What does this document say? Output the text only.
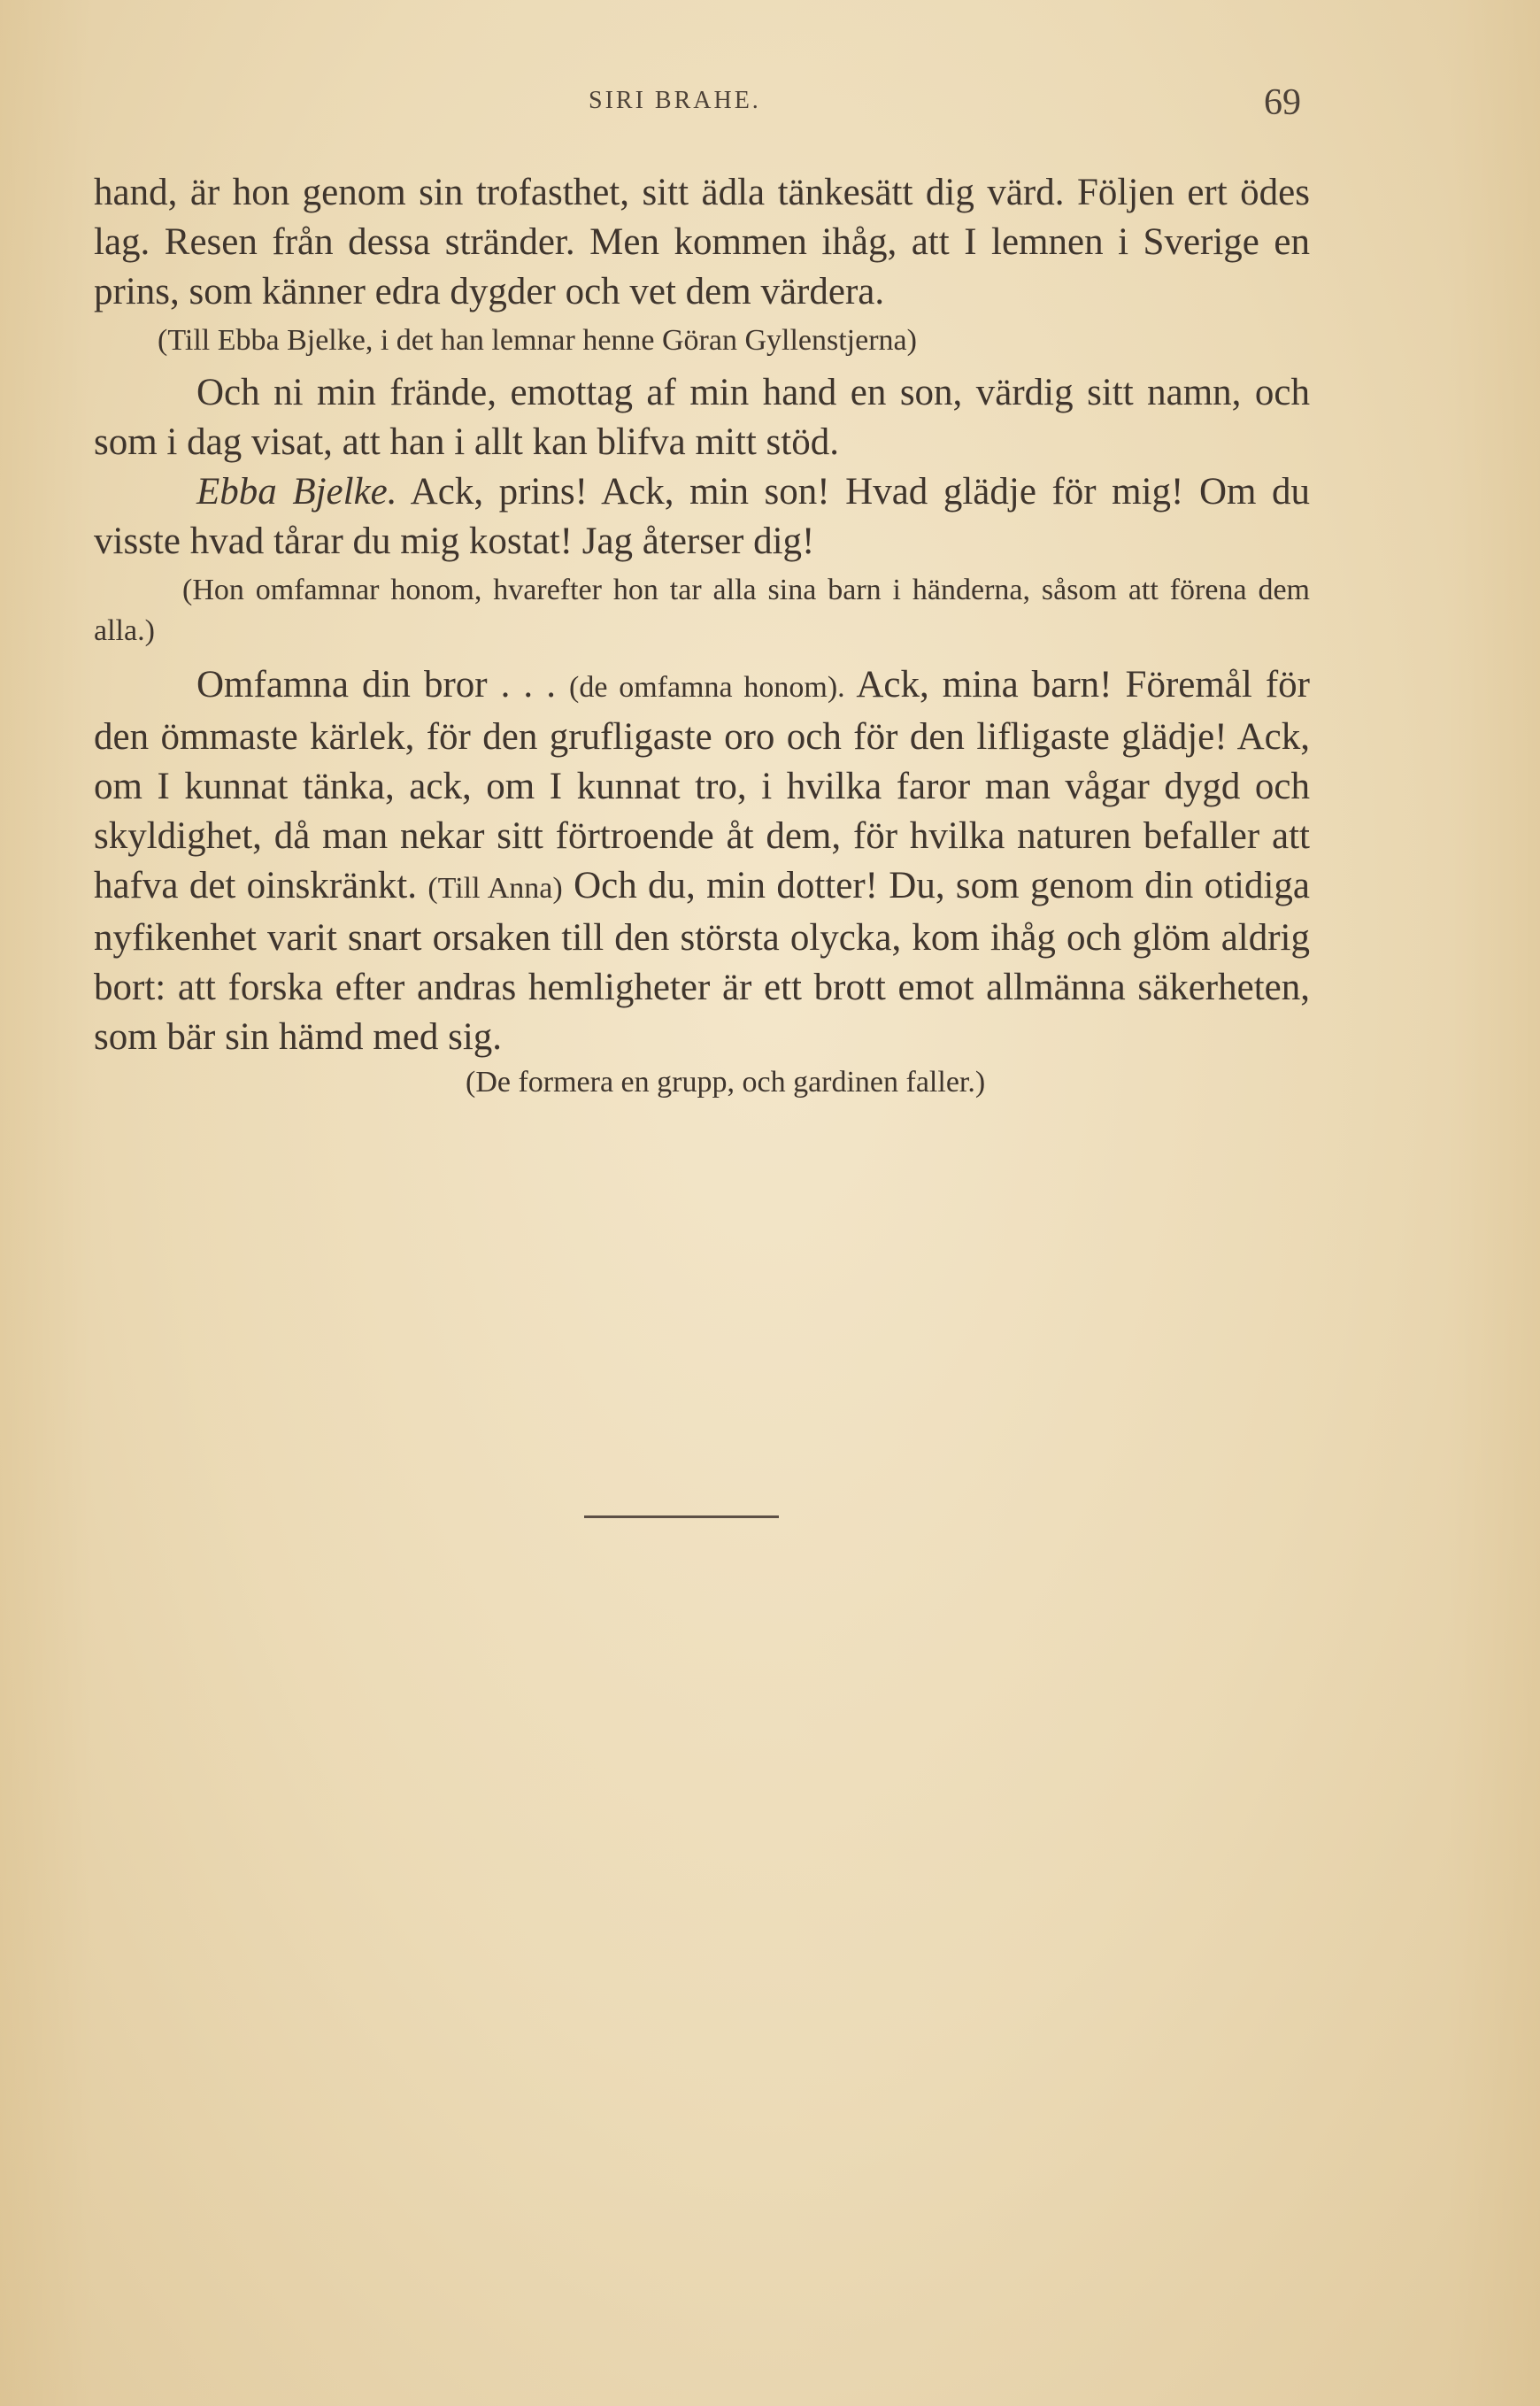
SIRI BRAHE.	69

hand, är hon genom sin trofasthet, sitt ädla tänkesätt dig värd. Följen ert ödes lag. Resen från dessa stränder. Men kommen ihåg, att I lemnen i Sverige en prins, som känner edra dygder och vet dem värdera.

(Till Ebba Bjelke, i det han lemnar henne Göran Gyllenstjerna)

Och ni min frände, emottag af min hand en son, värdig sitt namn, och som i dag visat, att han i allt kan blifva mitt stöd.

Ebba Bjelke. Ack, prins! Ack, min son! Hvad glädje för mig! Om du visste hvad tårar du mig kostat! Jag återser dig!

(Hon omfamnar honom, hvarefter hon tar alla sina barn i händerna, såsom att förena dem alla.)

Omfamna din bror . . . (de omfamna honom). Ack, mina barn! Föremål för den ömmaste kärlek, för den grufligaste oro och för den lifligaste glädje! Ack, om I kunnat tänka, ack, om I kunnat tro, i hvilka faror man vågar dygd och skyldighet, då man nekar sitt förtroende åt dem, för hvilka naturen befaller att hafva det oinskränkt. (Till Anna) Och du, min dotter! Du, som genom din otidiga nyfikenhet varit snart orsaken till den största olycka, kom ihåg och glöm aldrig bort: att forska efter andras hemligheter är ett brott emot allmänna säkerheten, som bär sin hämd med sig.

(De formera en grupp, och gardinen faller.)
